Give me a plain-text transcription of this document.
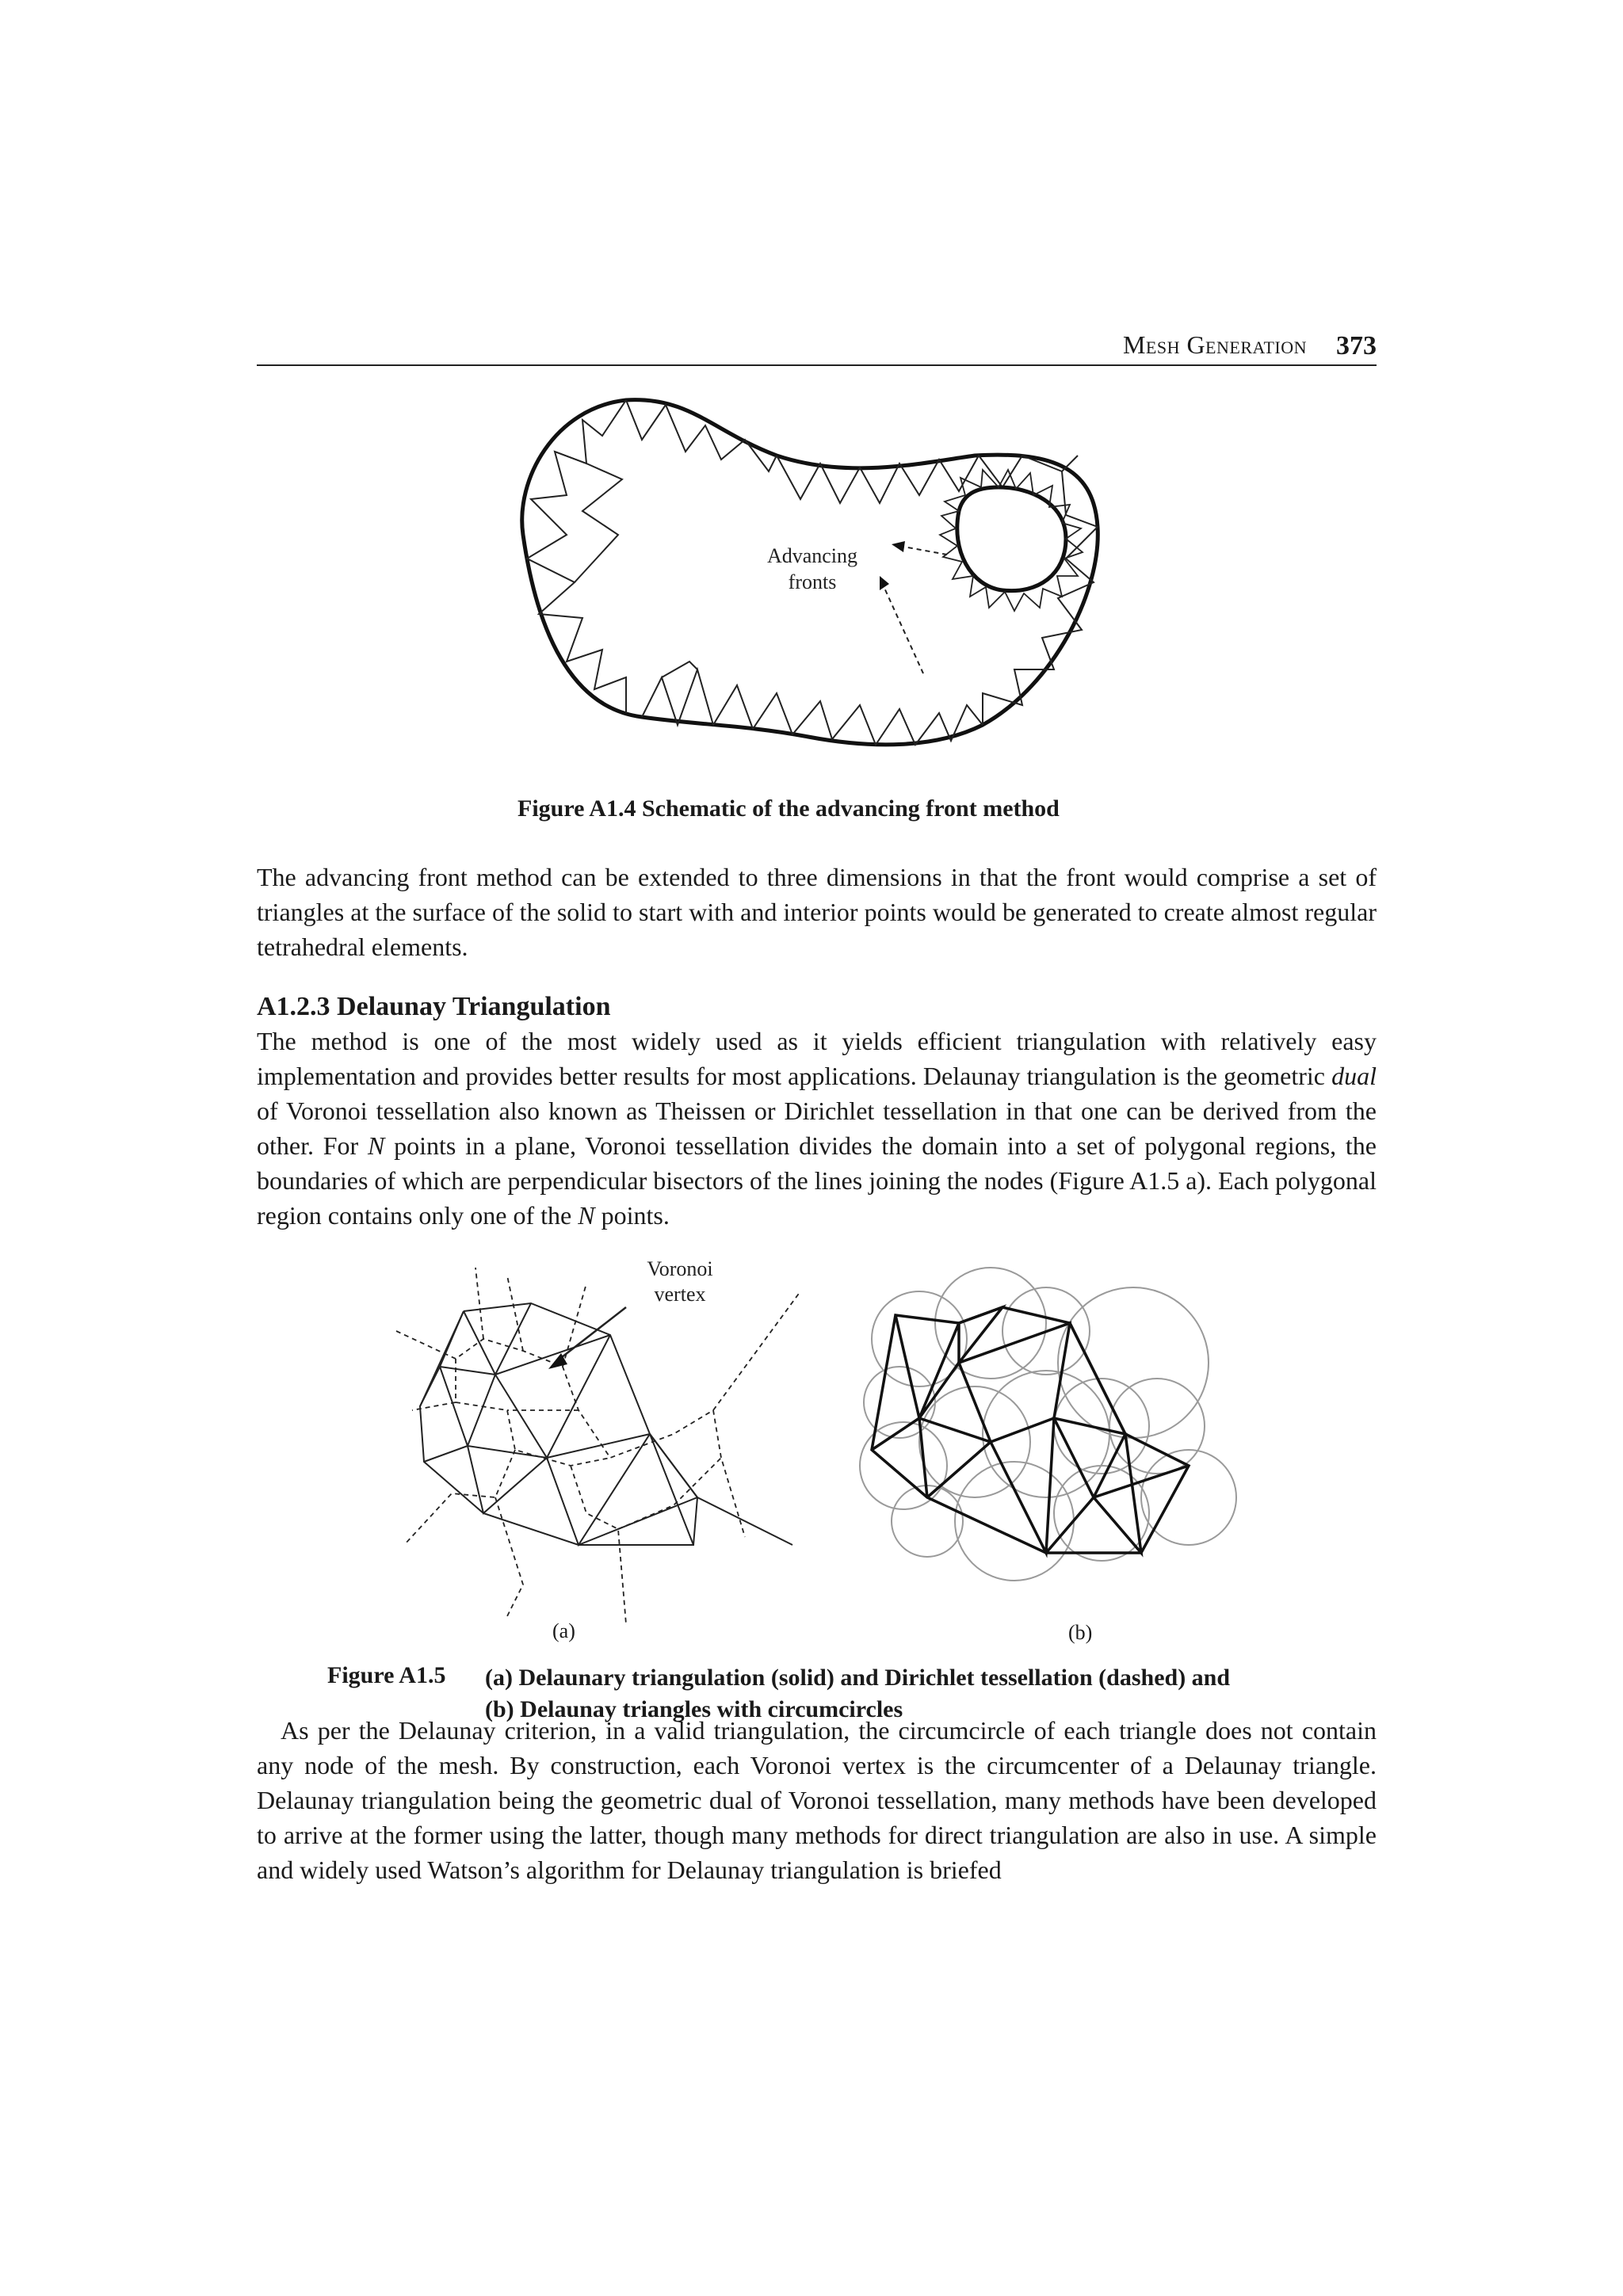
Mesh Generation 373
Advancing
fronts
Figure A1.4 Schematic of the advancing front method

The advancing front method can be extended to three dimensions in that the front would comprise a set of triangles at the surface of the solid to start with and interior points would be generated to create almost regular tetrahedral elements.

A1.2.3 Delaunay Triangulation

The method is one of the most widely used as it yields efficient triangulation with relatively easy implementation and provides better results for most applications. Delaunay triangulation is the geometric dual of Voronoi tessellation also known as Theissen or Dirichlet tessellation in that one can be derived from the other. For N points in a plane, Voronoi tessellation divides the domain into a set of polygonal regions, the boundaries of which are perpendicular bisectors of the lines joining the nodes (Figure A1.5 a). Each polygonal region contains only one of the N points.

Voronoi
vertex
(a)	(b)
Figure A1.5 (a) Delaunary triangulation (solid) and Dirichlet tessellation (dashed) and
(b) Delaunay triangles with circumcircles

As per the Delaunay criterion, in a valid triangulation, the circumcircle of each triangle does not contain any node of the mesh. By construction, each Voronoi vertex is the circumcenter of a Delaunay triangle. Delaunay triangulation being the geometric dual of Voronoi tessellation, many methods have been developed to arrive at the former using the latter, though many methods for direct triangulation are also in use. A simple and widely used Watson’s algorithm for Delaunay triangulation is briefed
